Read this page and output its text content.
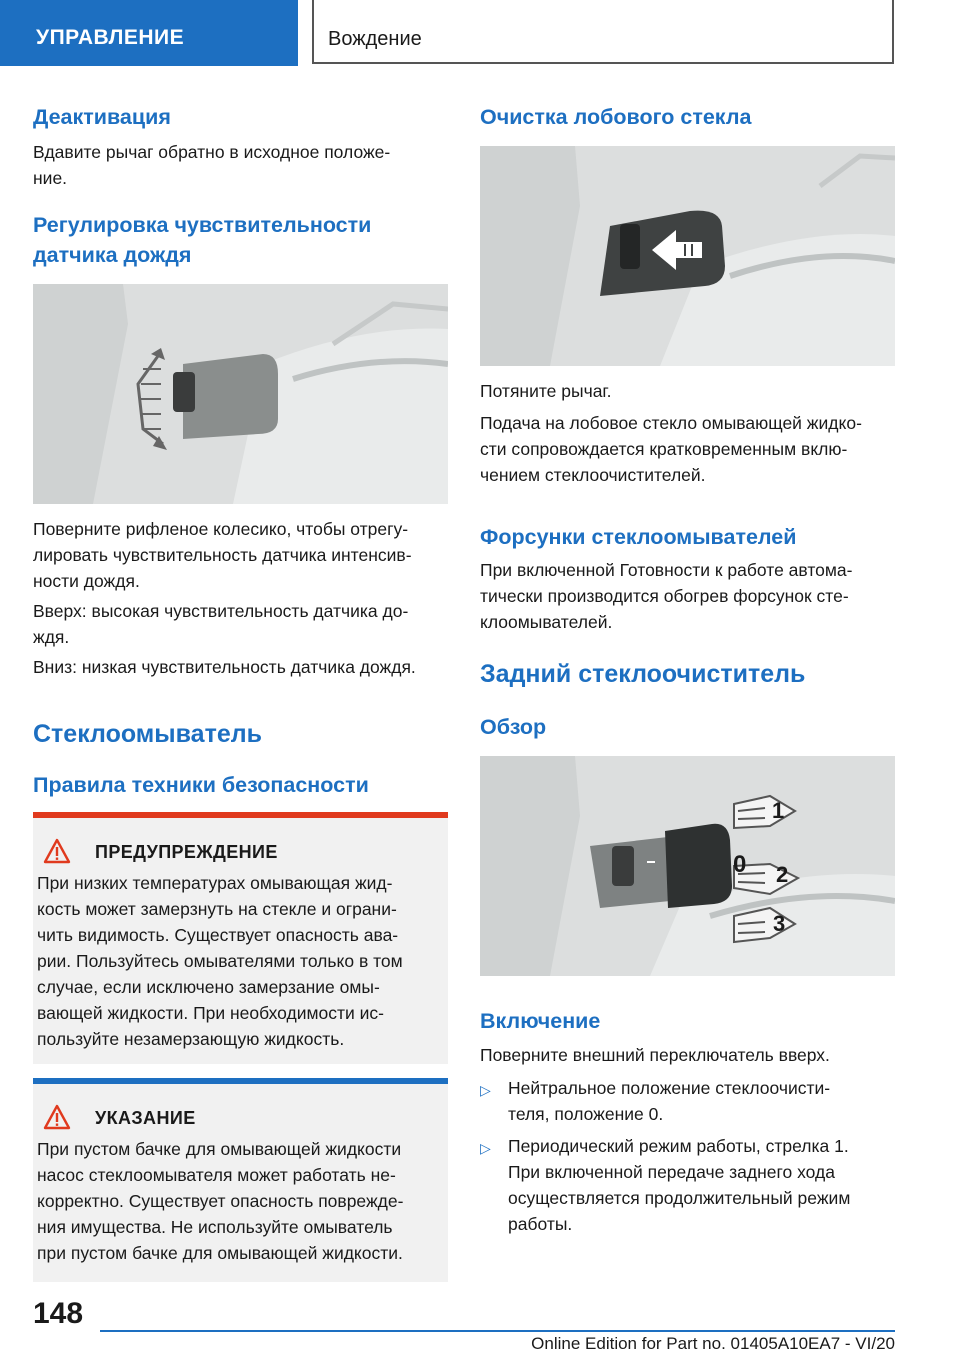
УПРАВЛЕНИЕ	Вождение
Деактивация

Вдавите рычаг обратно в исходное положе-
ние.

Регулировка чувствительности
датчика дождя

Поверните рифленое колесико, чтобы отрегу-
лировать чувствительность датчика интенсив-
ности дождя.

Вверх: высокая чувствительность датчика до-
ждя.

Вниз: низкая чувствительность датчика дождя.

Стеклоомыватель
Правила техники безопасности
ПРЕДУПРЕЖДЕНИЕ
При низких температурах омывающая жид-
кость может замерзнуть на стекле и ограни-
чить видимость. Существует опасность ава-
рии. Пользуйтесь омывателями только в том
случае, если исключено замерзание омы-
вающей жидкости. При необходимости ис-
пользуйте незамерзающую жидкость.
УКАЗАНИЕ
При пустом бачке для омывающей жидкости
насос стеклоомывателя может работать не-
корректно. Существует опасность поврежде-
ния имущества. Не используйте омыватель
при пустом бачке для омывающей жидкости.
Очистка лобового стекла

Потяните рычаг.

Подача на лобовое стекло омывающей жидко-
сти сопровождается кратковременным вклю-
чением стеклоочистителей.

Форсунки стеклоомывателей

При включенной Готовности к работе автома-
тически производится обогрев форсунок сте-
клоомывателей.

Задний стеклоочиститель
Обзор
1
0 2
3
Включение

Поверните внешний переключатель вверх.

▷ Нейтральное положение стеклоочисти-
теля, положение 0.
▷ Периодический режим работы, стрелка 1.
При включенной передаче заднего хода
осуществляется продолжительный режим
работы.
148
Online Edition for Part no. 01405A10EA7 - VI/20
